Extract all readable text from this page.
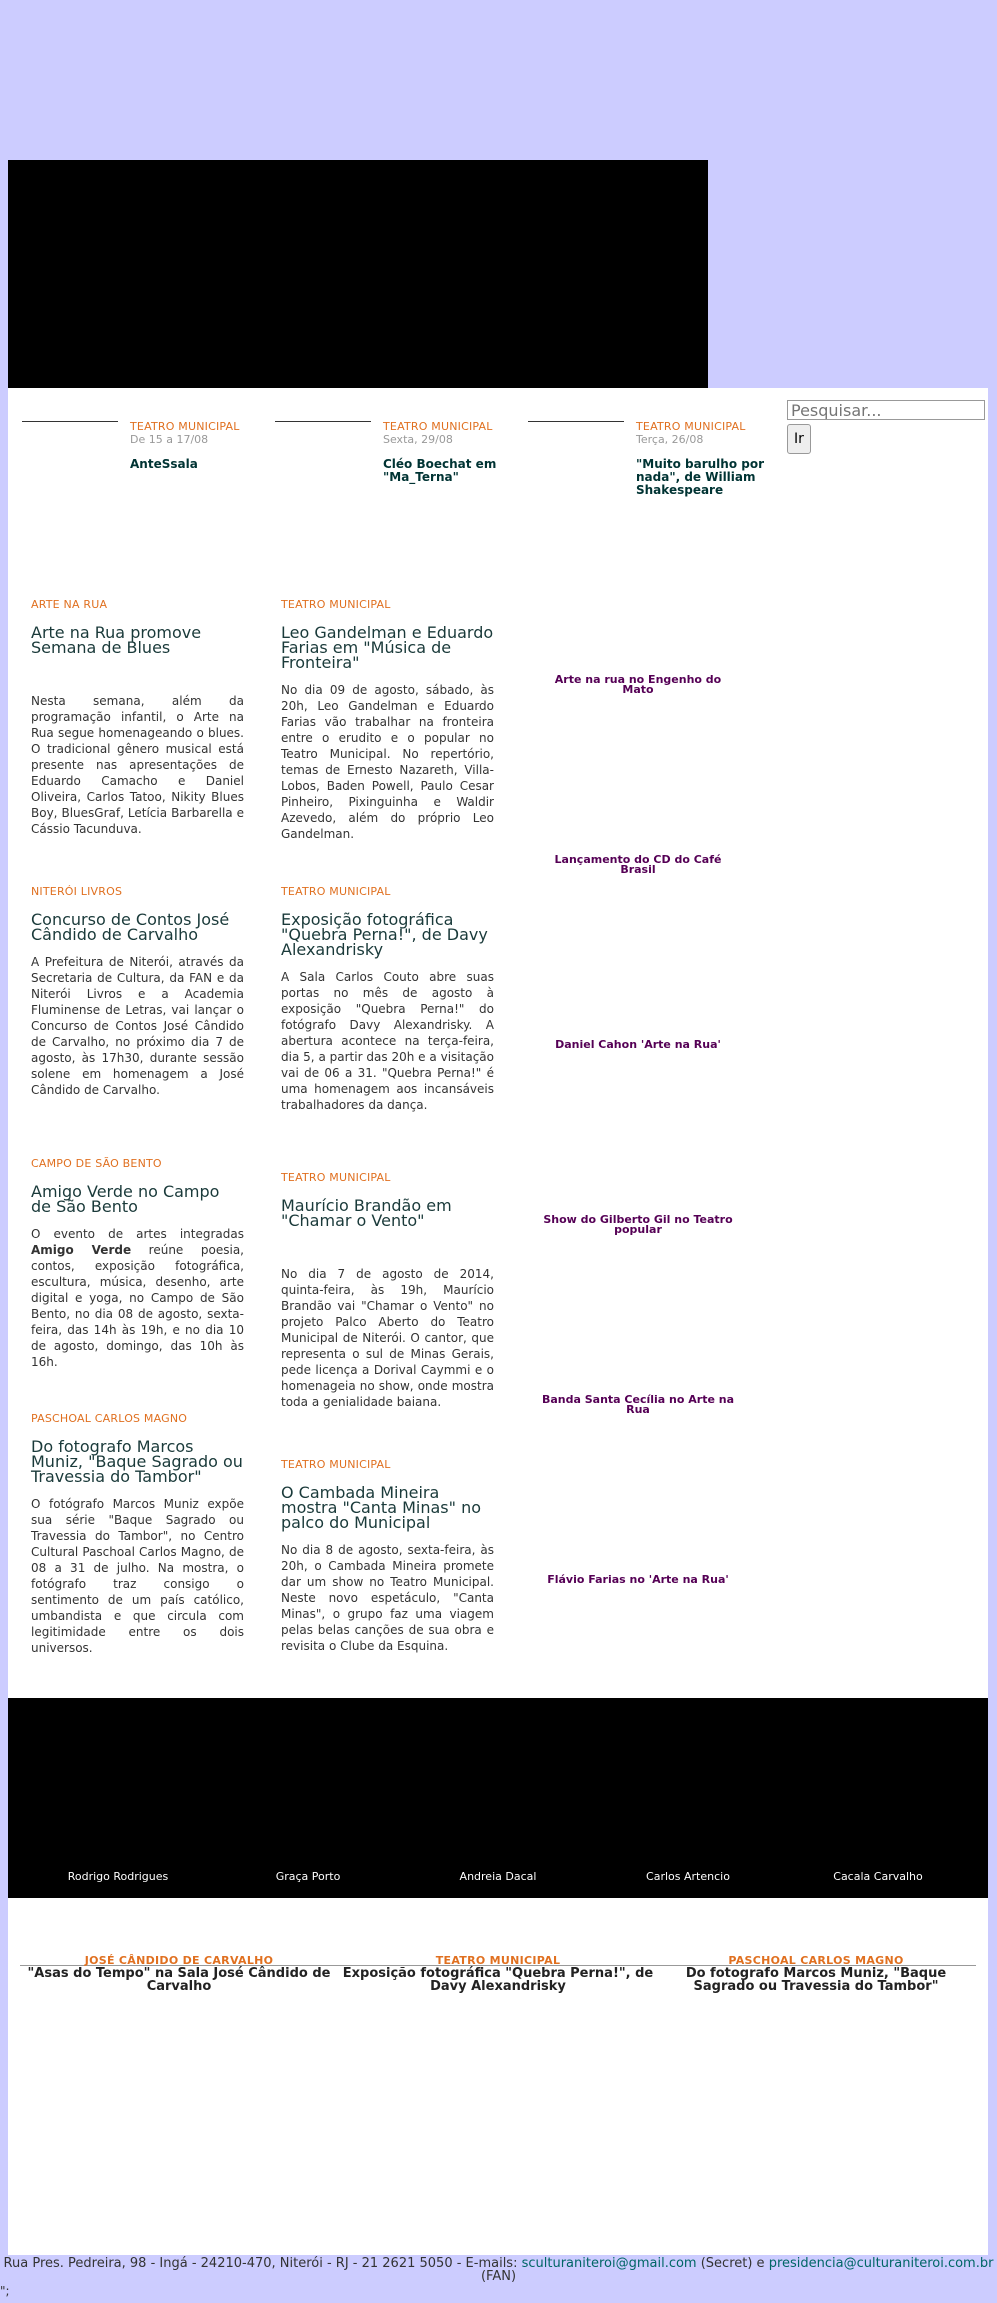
TEATRO MUNICIPAL
De 15 a 17/08
AnteSsala
TEATRO MUNICIPAL
Sexta, 29/08
Cléo Boechat em "Ma_Terna"
TEATRO MUNICIPAL
Terça, 26/08
"Muito barulho por nada", de William Shakespeare
Pesquisar...
Ir
ARTE NA RUA
Arte na Rua promove Semana de Blues

Nesta semana, além da programação infantil, o Arte na Rua segue homenageando o blues. O tradicional gênero musical está presente nas apresentações de Eduardo Camacho e Daniel Oliveira, Carlos Tatoo, Nikity Blues Boy, BluesGraf, Letícia Barbarella e Cássio Tacunduva.

NITERÓI LIVROS
Concurso de Contos José Cândido de Carvalho

A Prefeitura de Niterói, através da Secretaria de Cultura, da FAN e da Niterói Livros e a Academia Fluminense de Letras, vai lançar o Concurso de Contos José Cândido de Carvalho, no próximo dia 7 de agosto, às 17h30, durante sessão solene em homenagem a José Cândido de Carvalho.

CAMPO DE SÃO BENTO
Amigo Verde no Campo de São Bento

O evento de artes integradas Amigo Verde reúne poesia, contos, exposição fotográfica, escultura, música, desenho, arte digital e yoga, no Campo de São Bento, no dia 08 de agosto, sexta-feira, das 14h às 19h, e no dia 10 de agosto, domingo, das 10h às 16h.

PASCHOAL CARLOS MAGNO
Do fotografo Marcos Muniz, "Baque Sagrado ou Travessia do Tambor"

O fotógrafo Marcos Muniz expõe sua série "Baque Sagrado ou Travessia do Tambor", no Centro Cultural Paschoal Carlos Magno, de 08 a 31 de julho. Na mostra, o fotógrafo traz consigo o sentimento de um país católico, umbandista e que circula com legitimidade entre os dois universos.

TEATRO MUNICIPAL
Leo Gandelman e Eduardo Farias em "Música de Fronteira"

No dia 09 de agosto, sábado, às 20h, Leo Gandelman e Eduardo Farias vão trabalhar na fronteira entre o erudito e o popular no Teatro Municipal. No repertório, temas de Ernesto Nazareth, Villa-Lobos, Baden Powell, Paulo Cesar Pinheiro, Pixinguinha e Waldir Azevedo, além do próprio Leo Gandelman.

TEATRO MUNICIPAL
Exposição fotográfica "Quebra Perna!", de Davy Alexandrisky

A Sala Carlos Couto abre suas portas no mês de agosto à exposição "Quebra Perna!" do fotógrafo Davy Alexandrisky. A abertura acontece na terça-feira, dia 5, a partir das 20h e a visitação vai de 06 a 31. "Quebra Perna!" é uma homenagem aos incansáveis trabalhadores da dança.

TEATRO MUNICIPAL
Maurício Brandão em "Chamar o Vento"

No dia 7 de agosto de 2014, quinta-feira, às 19h, Maurício Brandão vai "Chamar o Vento" no projeto Palco Aberto do Teatro Municipal de Niterói. O cantor, que representa o sul de Minas Gerais, pede licença a Dorival Caymmi e o homenageia no show, onde mostra toda a genialidade baiana.

TEATRO MUNICIPAL
O Cambada Mineira mostra "Canta Minas" no palco do Municipal

No dia 8 de agosto, sexta-feira, às 20h, o Cambada Mineira promete dar um show no Teatro Municipal. Neste novo espetáculo, "Canta Minas", o grupo faz uma viagem pelas belas canções de sua obra e revisita o Clube da Esquina.

Arte na rua no Engenho do Mato
Lançamento do CD do Café Brasil
Daniel Cahon 'Arte na Rua'
Show do Gilberto Gil no Teatro popular
Banda Santa Cecília no Arte na Rua
Flávio Farias no 'Arte na Rua'
Rodrigo Rodrigues	Graça Porto	Andreia Dacal	Carlos Artencio	Cacala Carvalho
JOSÉ CÂNDIDO DE CARVALHO
"Asas do Tempo" na Sala José Cândido de Carvalho
TEATRO MUNICIPAL
Exposição fotográfica "Quebra Perna!", de Davy Alexandrisky
PASCHOAL CARLOS MAGNO
Do fotografo Marcos Muniz, "Baque Sagrado ou Travessia do Tambor"
Rua Pres. Pedreira, 98 - Ingá - 24210-470, Niterói - RJ - 21 2621 5050 - E-mails: sculturaniteroi@gmail.com (Secret) e presidencia@culturaniteroi.com.br (FAN)
";
